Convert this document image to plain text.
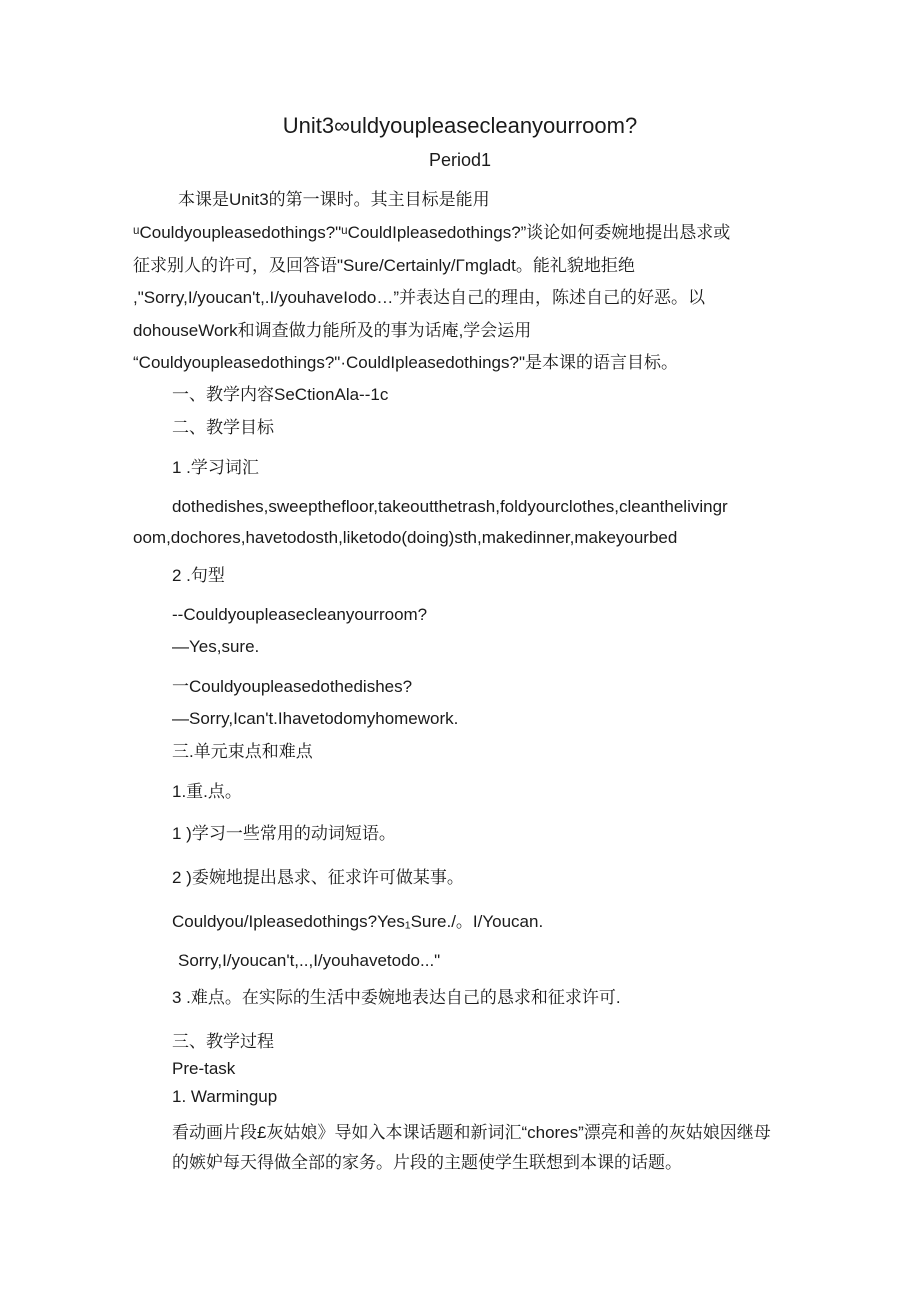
Unit3∞uldyoupleasecleanyourroom?
Period1
本课是Unit3的第一课时。其主目标是能用
ᵘCouldyoupleasedothings?"ᵘCouldIpleasedothings?”谈论如何委婉地提出恳求或
征求别人的许可，及回答语"Sure/Certainly/Γmgladt。能礼貌地拒绝
,"Sorry,I/youcan't,.I/youhaveIodo…”并表达自己的理由，陈述自己的好恶。以
dohouseWork和调查做力能所及的事为话庵,学会运用
“Couldyoupleasedothings?"·CouldIpleasedothings?"是本课的语言目标。
一、教学内容SeCtionAla--1c
二、教学目标
1 .学习词汇
dothedishes,sweepthefloor,takeoutthetrash,foldyourclothes,cleanthelivingr
oom,dochores,havetodosth,liketodo(doing)sth,makedinner,makeyourbed
2 .句型
--Couldyoupleasecleanyourroom?
—Yes,sure.
一Couldyoupleasedothedishes?
—Sorry,Ican't.Ihavetodomyhomework.
三.单元束点和难点
1.重.点。
1 )学习一些常用的动词短语。
2 )委婉地提出恳求、征求许可做某事。
Couldyou/Ipleasedothings?Yes₁Sure./。I/Youcan.
Sorry,I/youcan't,..,I/youhavetodo..."
3 .难点。在实际的生活中委婉地表达自己的恳求和征求许可.
三、教学过程
Pre-task
1. Warmingup
看动画片段£灰姑娘》导如入本课话题和新词汇“chores”漂亮和善的灰姑娘因继母
的嫉妒每天得做全部的家务。片段的主题使学生联想到本课的话题。
